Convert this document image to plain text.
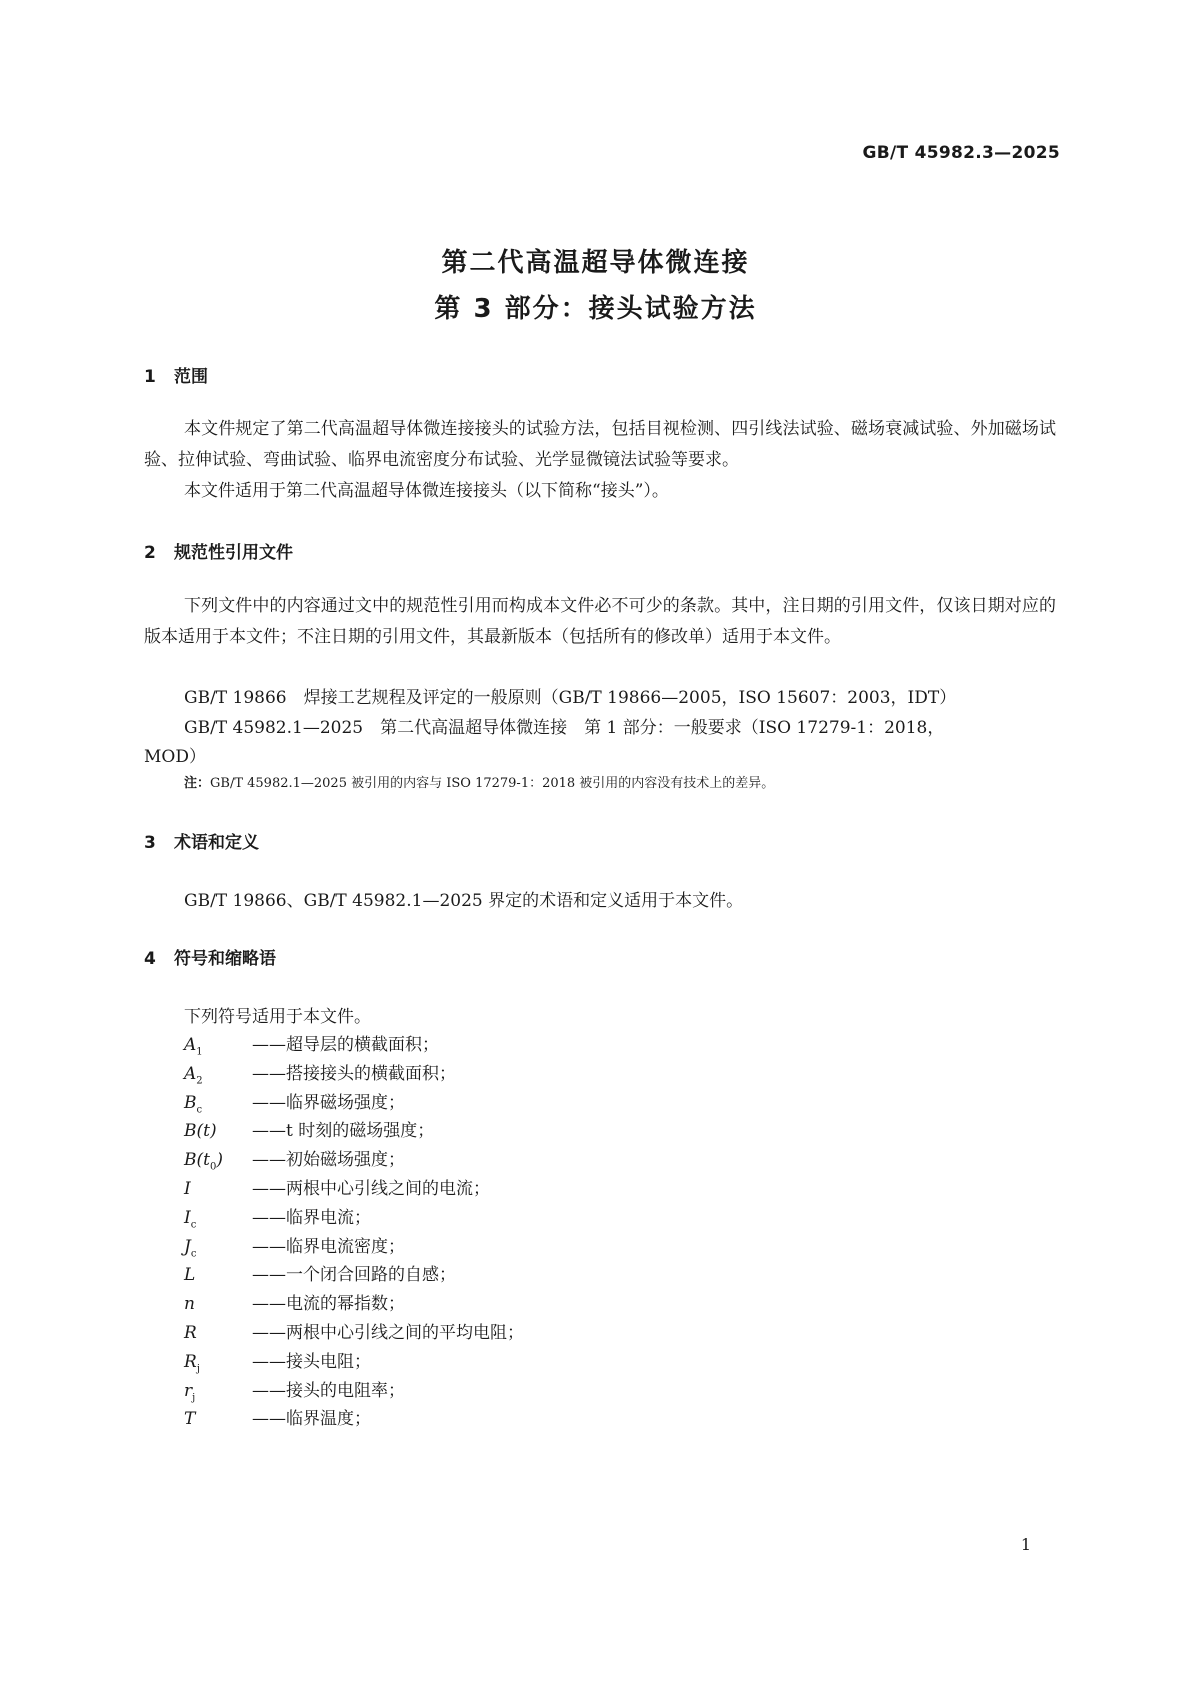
GB/T 45982.3—2025
第二代高温超导体微连接
第 3 部分：接头试验方法
1 范围
本文件规定了第二代高温超导体微连接接头的试验方法，包括目视检测、四引线法试验、磁场衰减试验、外加磁场试验、拉伸试验、弯曲试验、临界电流密度分布试验、光学显微镜法试验等要求。
本文件适用于第二代高温超导体微连接接头（以下简称“接头”）。
2 规范性引用文件
下列文件中的内容通过文中的规范性引用而构成本文件必不可少的条款。其中，注日期的引用文件，仅该日期对应的版本适用于本文件；不注日期的引用文件，其最新版本（包括所有的修改单）适用于本文件。
GB/T 19866　焊接工艺规程及评定的一般原则（GB/T 19866—2005，ISO 15607：2003，IDT）
GB/T 45982.1—2025　第二代高温超导体微连接　第 1 部分：一般要求（ISO 17279-1：2018，
MOD）
注：GB/T 45982.1—2025 被引用的内容与 ISO 17279-1：2018 被引用的内容没有技术上的差异。
3 术语和定义
GB/T 19866、GB/T 45982.1—2025 界定的术语和定义适用于本文件。
4 符号和缩略语
下列符号适用于本文件。
$A_1$	——超导层的横截面积；
$A_2$	——搭接接头的横截面积；
$B_c$	——临界磁场强度；
B(t) ——t 时刻的磁场强度；
$B(t_0)$ ——初始磁场强度；
I	——两根中心引线之间的电流；
$I_c$	——临界电流；
$J_c$	——临界电流密度；
L	——一个闭合回路的自感；
n	——电流的幂指数；
R	——两根中心引线之间的平均电阻；
$R_j$	——接头电阻；
$r_j$	——接头的电阻率；
T	——临界温度；
1
